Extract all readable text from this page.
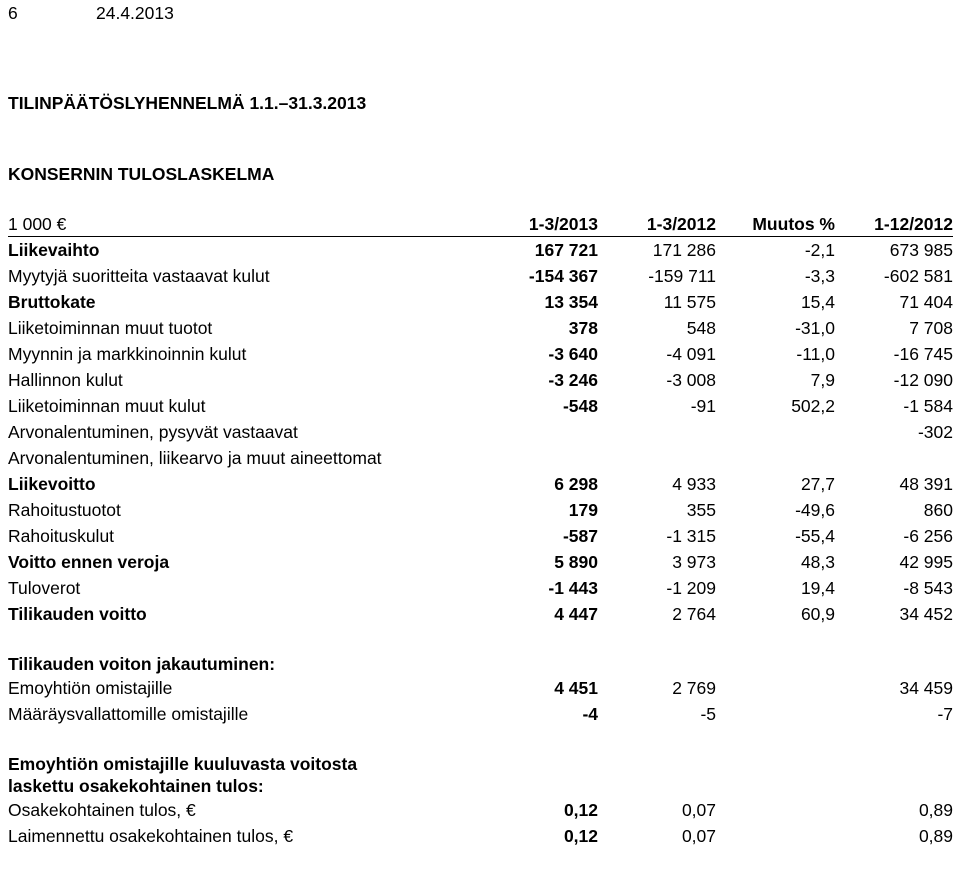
6	24.4.2013
TILINPÄÄTÖSLYHENNELMÄ 1.1.–31.3.2013
KONSERNIN TULOSLASKELMA
1 000 €	1-3/2013	1-3/2012	Muutos %	1-12/2012
Liikevaihto	167 721	171 286	-2,1	673 985
Myytyjä suoritteita vastaavat kulut	-154 367	-159 711	-3,3	-602 581
Bruttokate	13 354	11 575	15,4	71 404
Liiketoiminnan muut tuotot	378	548	-31,0	7 708
Myynnin ja markkinoinnin kulut	-3 640	-4 091	-11,0	-16 745
Hallinnon kulut	-3 246	-3 008	7,9	-12 090
Liiketoiminnan muut kulut	-548	-91	502,2	-1 584
Arvonalentuminen, pysyvät vastaavat				-302
Arvonalentuminen, liikearvo ja muut aineettomat				
Liikevoitto	6 298	4 933	27,7	48 391
Rahoitustuotot	179	355	-49,6	860
Rahoituskulut	-587	-1 315	-55,4	-6 256
Voitto ennen veroja	5 890	3 973	48,3	42 995
Tuloverot	-1 443	-1 209	19,4	-8 543
Tilikauden voitto	4 447	2 764	60,9	34 452

Tilikauden voiton jakautuminen:				
Emoyhtiön omistajille	4 451	2 769		34 459
Määräysvallattomille omistajille	-4	-5		-7

Emoyhtiön omistajille kuuluvasta voitosta				
laskettu osakekohtainen tulos:				
Osakekohtainen tulos, €	0,12	0,07		0,89
Laimennettu osakekohtainen tulos, €	0,12	0,07		0,89
